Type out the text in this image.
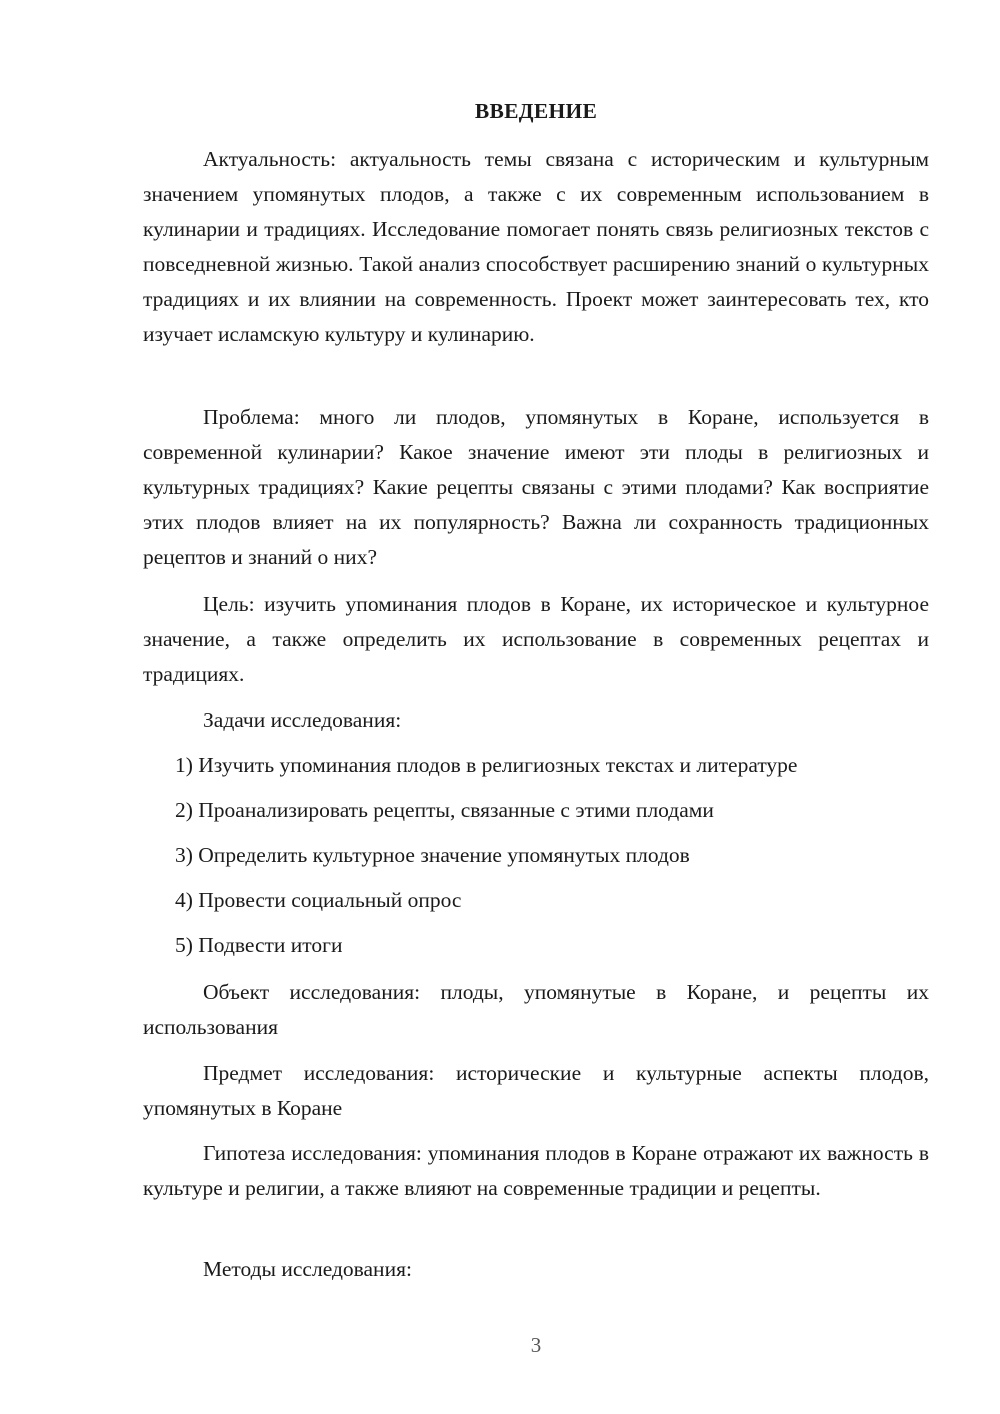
ВВЕДЕНИЕ

Актуальность: актуальность темы связана с историческим и культурным значением упомянутых плодов, а также с их современным использованием в кулинарии и традициях. Исследование помогает понять связь религиозных текстов с повседневной жизнью. Такой анализ способствует расширению знаний о культурных традициях и их влиянии на современность. Проект может заинтересовать тех, кто изучает исламскую культуру и кулинарию.

Проблема: много ли плодов, упомянутых в Коране, используется в современной кулинарии? Какое значение имеют эти плоды в религиозных и культурных традициях? Какие рецепты связаны с этими плодами? Как восприятие этих плодов влияет на их популярность? Важна ли сохранность традиционных рецептов и знаний о них?

Цель: изучить упоминания плодов в Коране, их историческое и культурное значение, а также определить их использование в современных рецептах и традициях.

Задачи исследования:

1) Изучить упоминания плодов в религиозных текстах и литературе

2) Проанализировать рецепты, связанные с этими плодами

3) Определить культурное значение упомянутых плодов

4) Провести социальный опрос

5) Подвести итоги

Объект исследования: плоды, упомянутые в Коране, и рецепты их использования

Предмет исследования: исторические и культурные аспекты плодов, упомянутых в Коране

Гипотеза исследования: упоминания плодов в Коране отражают их важность в культуре и религии, а также влияют на современные традиции и рецепты.

Методы исследования:

3
